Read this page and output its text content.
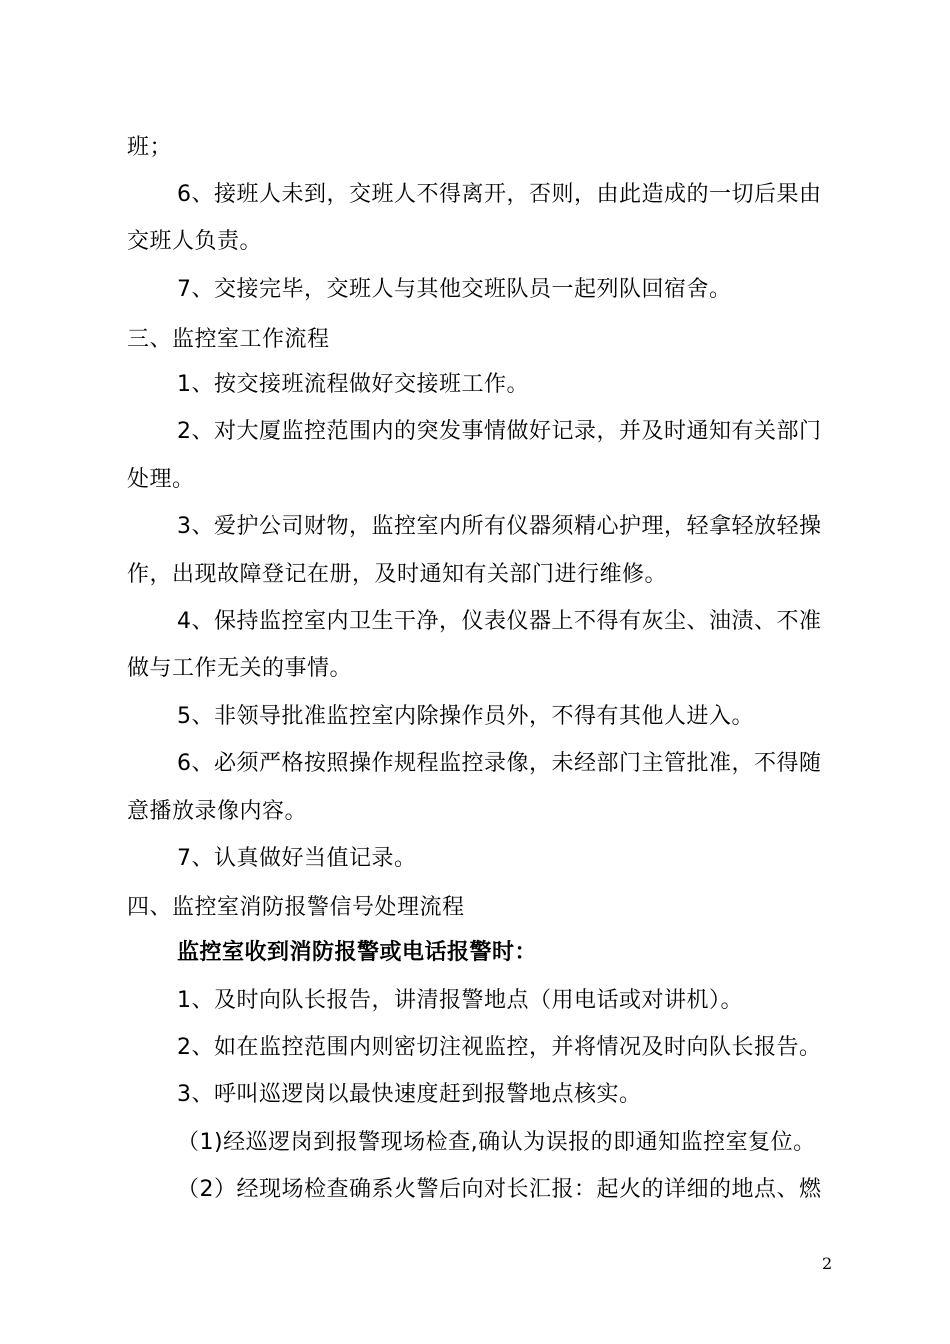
班；
6、接班人未到，交班人不得离开，否则，由此造成的一切后果由
交班人负责。
7、交接完毕，交班人与其他交班队员一起列队回宿舍。
三、监控室工作流程
1、按交接班流程做好交接班工作。
2、对大厦监控范围内的突发事情做好记录，并及时通知有关部门
处理。
3、爱护公司财物，监控室内所有仪器须精心护理，轻拿轻放轻操
作，出现故障登记在册，及时通知有关部门进行维修。
4、保持监控室内卫生干净，仪表仪器上不得有灰尘、油渍、不准
做与工作无关的事情。
5、非领导批准监控室内除操作员外，不得有其他人进入。
6、必须严格按照操作规程监控录像，未经部门主管批准，不得随
意播放录像内容。
7、认真做好当值记录。
四、监控室消防报警信号处理流程
监控室收到消防报警或电话报警时：
1、及时向队长报告，讲清报警地点（用电话或对讲机）。
2、如在监控范围内则密切注视监控，并将情况及时向队长报告。
3、呼叫巡逻岗以最快速度赶到报警地点核实。
（1)经巡逻岗到报警现场检查,确认为误报的即通知监控室复位。
（2）经现场检查确系火警后向对长汇报：起火的详细的地点、燃
2
